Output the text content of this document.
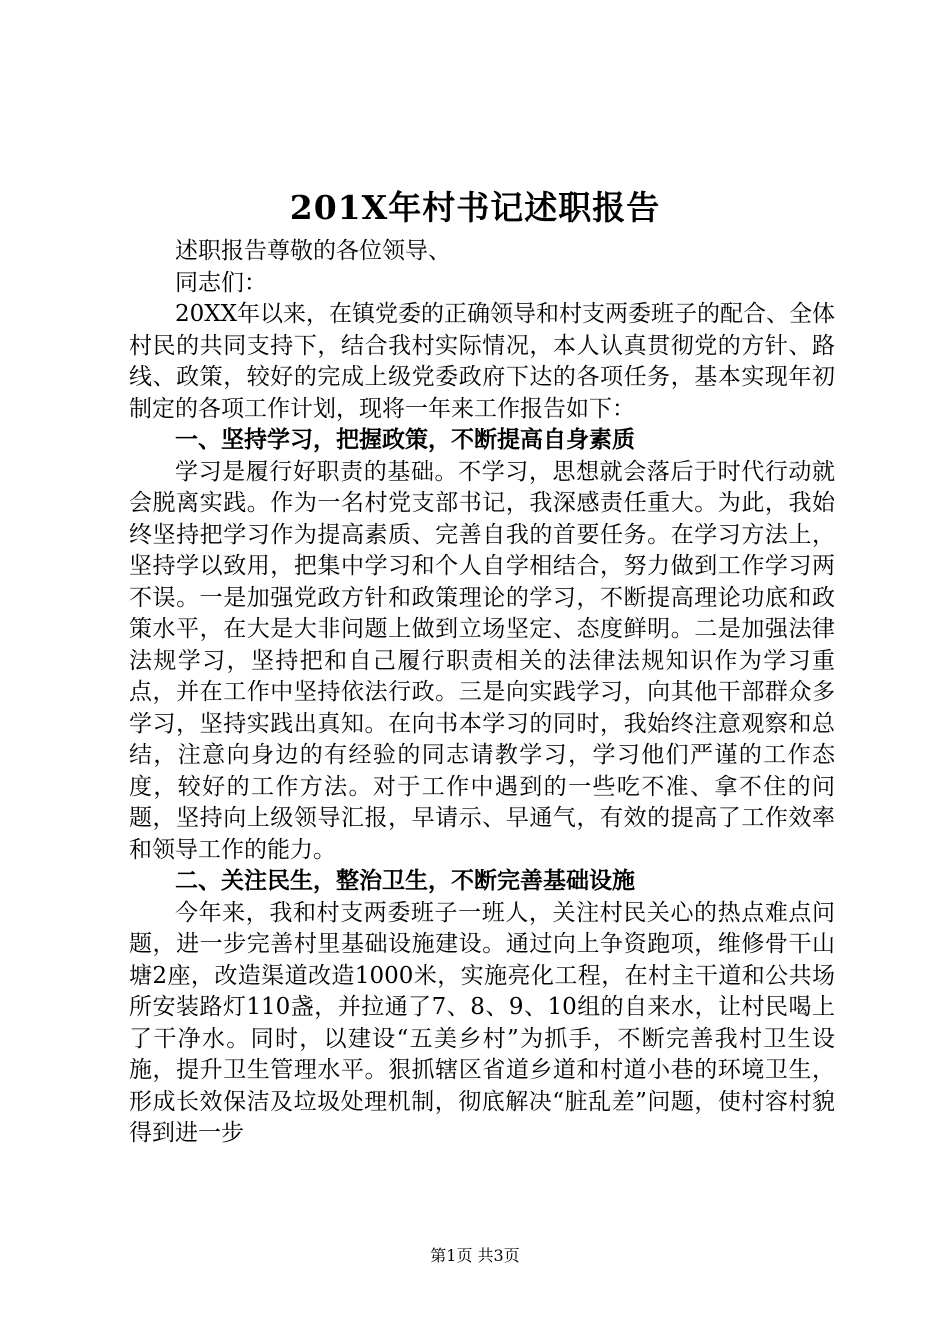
201X年村书记述职报告

述职报告尊敬的各位领导、

同志们：

20XX年以来，在镇党委的正确领导和村支两委班子的配合、全体村民的共同支持下，结合我村实际情况，本人认真贯彻党的方针、路线、政策，较好的完成上级党委政府下达的各项任务，基本实现年初制定的各项工作计划，现将一年来工作报告如下：

一、坚持学习，把握政策，不断提高自身素质

学习是履行好职责的基础。不学习，思想就会落后于时代行动就会脱离实践。作为一名村党支部书记，我深感责任重大。为此，我始终坚持把学习作为提高素质、完善自我的首要任务。在学习方法上，坚持学以致用，把集中学习和个人自学相结合，努力做到工作学习两不误。一是加强党政方针和政策理论的学习，不断提高理论功底和政策水平，在大是大非问题上做到立场坚定、态度鲜明。二是加强法律法规学习，坚持把和自己履行职责相关的法律法规知识作为学习重点，并在工作中坚持依法行政。三是向实践学习，向其他干部群众多学习，坚持实践出真知。在向书本学习的同时，我始终注意观察和总结，注意向身边的有经验的同志请教学习，学习他们严谨的工作态度，较好的工作方法。对于工作中遇到的一些吃不准、拿不住的问题，坚持向上级领导汇报，早请示、早通气，有效的提高了工作效率和领导工作的能力。

二、关注民生，整治卫生，不断完善基础设施

今年来，我和村支两委班子一班人，关注村民关心的热点难点问题，进一步完善村里基础设施建设。通过向上争资跑项，维修骨干山塘2座，改造渠道改造1000米，实施亮化工程，在村主干道和公共场所安装路灯110盏，并拉通了7、8、9、10组的自来水，让村民喝上了干净水。同时，以建设“五美乡村”为抓手，不断完善我村卫生设施，提升卫生管理水平。狠抓辖区省道乡道和村道小巷的环境卫生，形成长效保洁及垃圾处理机制，彻底解决“脏乱差”问题，使村容村貌得到进一步

第1页 共3页
